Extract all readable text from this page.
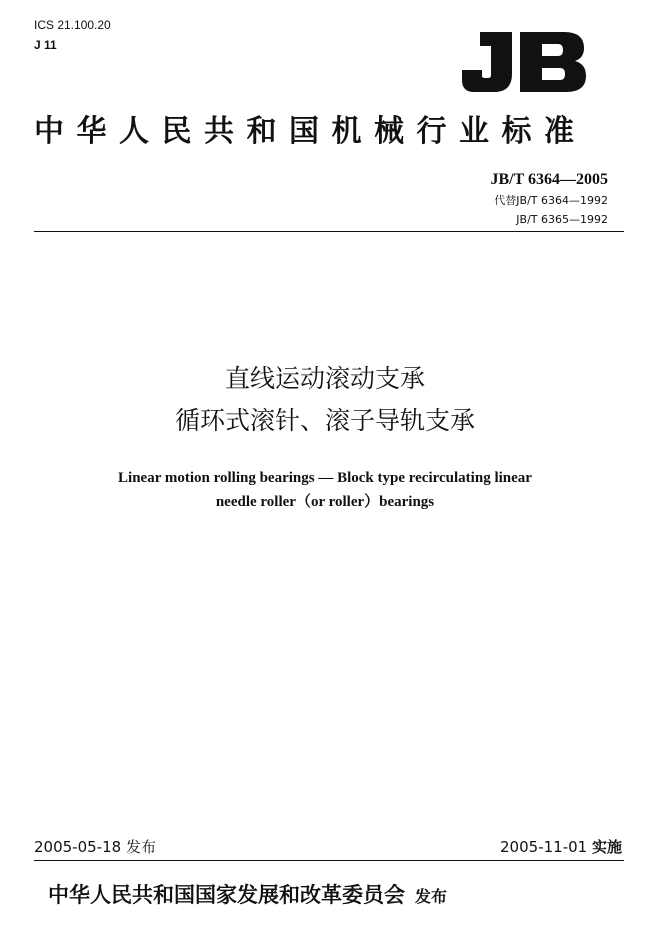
ICS 21.100.20
J 11
中华人民共和国机械行业标准
JB/T 6364—2005
代替JB/T 6364—1992
JB/T 6365—1992
直线运动滚动支承
循环式滚针、滚子导轨支承
Linear motion rolling bearings — Block type recirculating linear
needle roller（or roller）bearings
2005-05-18 发布	2005-11-01 实施
中华人民共和国国家发展和改革委员会 发布
